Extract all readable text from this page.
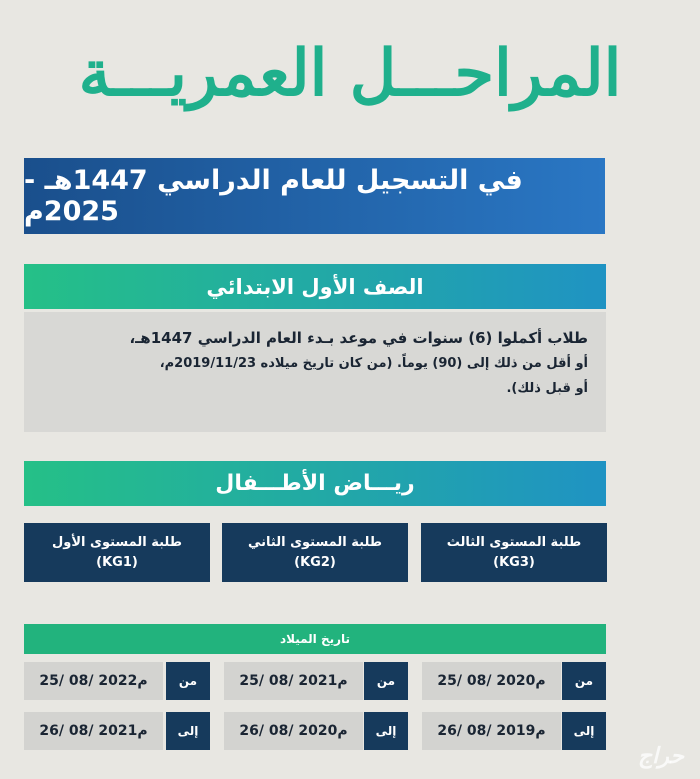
المراحـــل العمريـــة
في التسجيل للعام الدراسي 1447هـ - 2025م
الصف الأول الابتدائي
طلاب أكملوا (6) سنوات في موعد بـدء العام الدراسي 1447هـ،
أو أقل من ذلك إلى (90) يوماً. (من كان تاريخ ميلاده 2019/11/23م،
أو قبل ذلك).
ريـــاض الأطـــفال
طلبة المستوى الثالث
(KG3)
طلبة المستوى الثاني
(KG2)
طلبة المستوى الأول
(KG1)
تاريخ الميلاد
من
25/ 08/ 2020م
من
25/ 08/ 2021م
من
25/ 08/ 2022م
إلى
26/ 08/ 2019م
إلى
26/ 08/ 2020م
إلى
26/ 08/ 2021م
حراج
